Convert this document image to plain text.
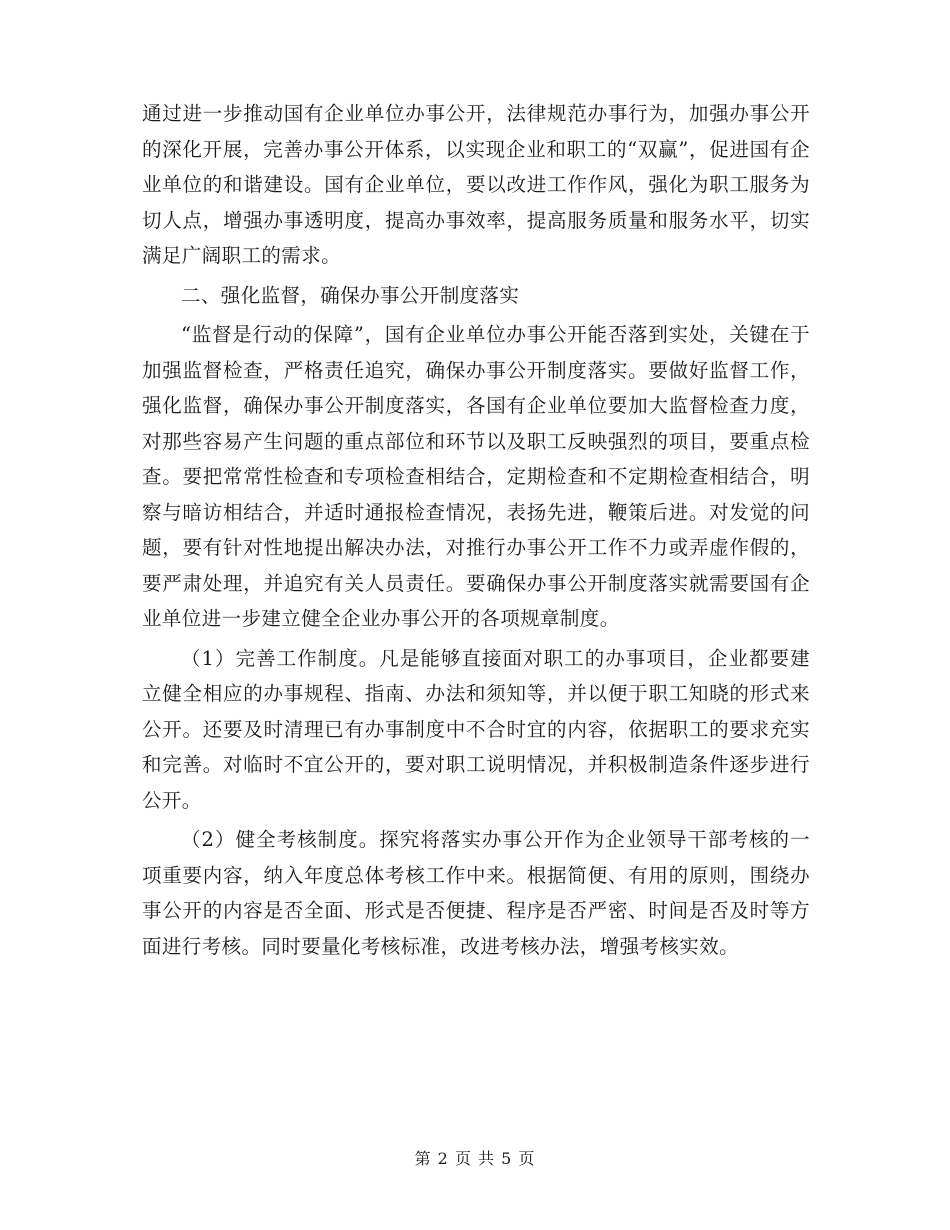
通过进一步推动国有企业单位办事公开，法律规范办事行为，加强办事公开的深化开展，完善办事公开体系，以实现企业和职工的“双赢”，促进国有企业单位的和谐建设。国有企业单位，要以改进工作作风，强化为职工服务为切人点，增强办事透明度，提高办事效率，提高服务质量和服务水平，切实满足广阔职工的需求。

二、强化监督，确保办事公开制度落实

“监督是行动的保障”，国有企业单位办事公开能否落到实处，关键在于加强监督检查，严格责任追究，确保办事公开制度落实。要做好监督工作，强化监督，确保办事公开制度落实，各国有企业单位要加大监督检查力度，对那些容易产生问题的重点部位和环节以及职工反映强烈的项目，要重点检查。要把常常性检查和专项检查相结合，定期检查和不定期检查相结合，明察与暗访相结合，并适时通报检查情况，表扬先进，鞭策后进。对发觉的问题，要有针对性地提出解决办法，对推行办事公开工作不力或弄虚作假的，要严肃处理，并追究有关人员责任。要确保办事公开制度落实就需要国有企业单位进一步建立健全企业办事公开的各项规章制度。

（1）完善工作制度。凡是能够直接面对职工的办事项目，企业都要建立健全相应的办事规程、指南、办法和须知等，并以便于职工知晓的形式来公开。还要及时清理已有办事制度中不合时宜的内容，依据职工的要求充实和完善。对临时不宜公开的，要对职工说明情况，并积极制造条件逐步进行公开。

（2）健全考核制度。探究将落实办事公开作为企业领导干部考核的一项重要内容，纳入年度总体考核工作中来。根据简便、有用的原则，围绕办事公开的内容是否全面、形式是否便捷、程序是否严密、时间是否及时等方面进行考核。同时要量化考核标准，改进考核办法，增强考核实效。

第 2 页 共 5 页
